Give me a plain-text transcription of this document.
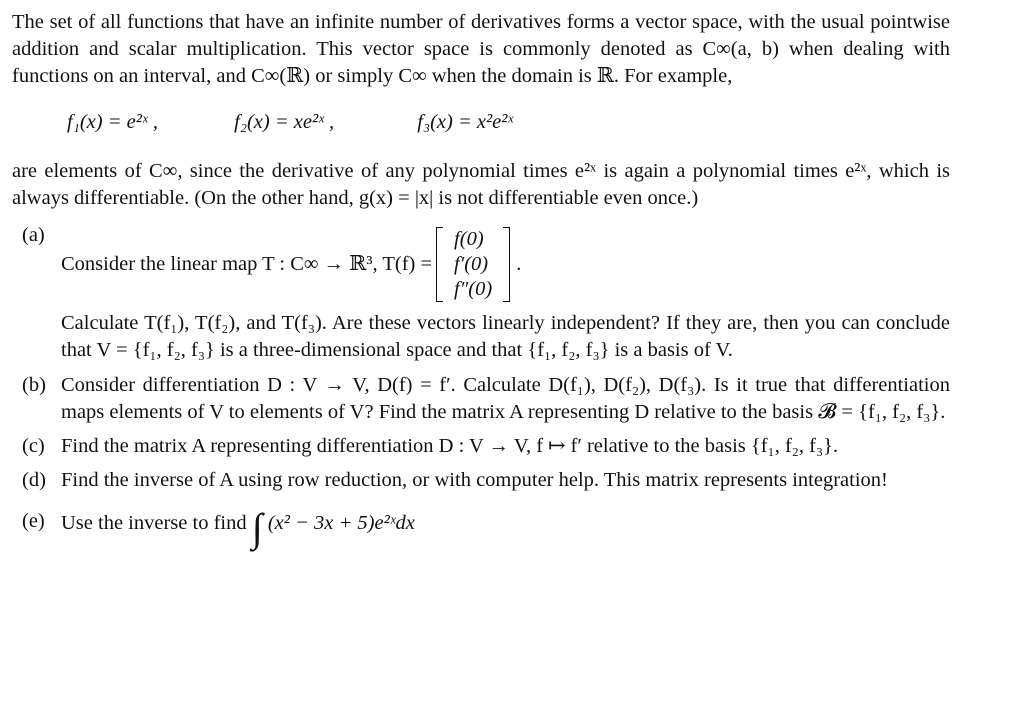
The set of all functions that have an infinite number of derivatives forms a vector space, with the usual pointwise addition and scalar multiplication. This vector space is commonly denoted as C∞(a, b) when dealing with functions on an interval, and C∞(ℝ) or simply C∞ when the domain is ℝ. For example,

f₁(x) = e²ˣ ,	f₂(x) = xe²ˣ ,	f₃(x) = x²e²ˣ

are elements of C∞, since the derivative of any polynomial times e²ˣ is again a polynomial times e²ˣ, which is always differentiable. (On the other hand, g(x) = |x| is not differentiable even once.)

(a)
Consider the linear map T : C∞ → ℝ³, T(f) =
f(0)
f′(0)
f″(0)
.

Calculate T(f₁), T(f₂), and T(f₃). Are these vectors linearly independent? If they are, then you can conclude that V = {f₁, f₂, f₃} is a three-dimensional space and that {f₁, f₂, f₃} is a basis of V.

(b) Consider differentiation D : V → V, D(f) = f′. Calculate D(f₁), D(f₂), D(f₃). Is it true that differentiation maps elements of V to elements of V? Find the matrix A representing D relative to the basis 𝓑 = {f₁, f₂, f₃}.

(c) Find the matrix A representing differentiation D : V → V, f ↦ f′ relative to the basis {f₁, f₂, f₃}.

(d) Find the inverse of A using row reduction, or with computer help. This matrix represents integration!

(e) Use the inverse to find ∫ (x² − 3x + 5)e²ˣdx
